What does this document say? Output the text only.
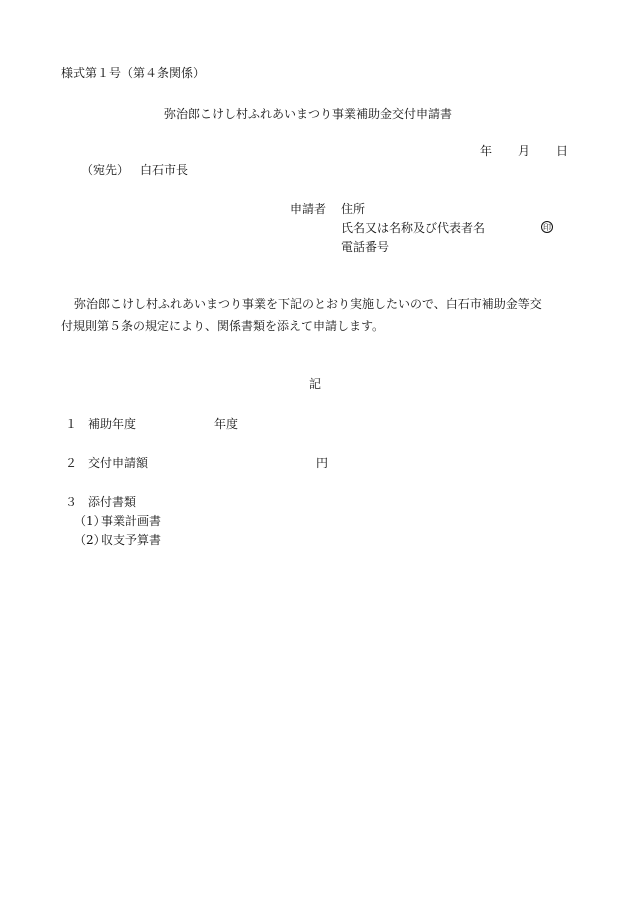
様式第１号（第４条関係）
弥治郎こけし村ふれあいまつり事業補助金交付申請書
年 月 日
（宛先） 白石市長
申請者 住所
氏名又は名称及び代表者名	印
電話番号
弥治郎こけし村ふれあいまつり事業を下記のとおり実施したいので、白石市補助金等交
付規則第５条の規定により、関係書類を添えて申請します。
記
１ 補助年度	年度
２ 交付申請額	円
３ 添付書類
（1）
事業計画書
（2）
収支予算書
